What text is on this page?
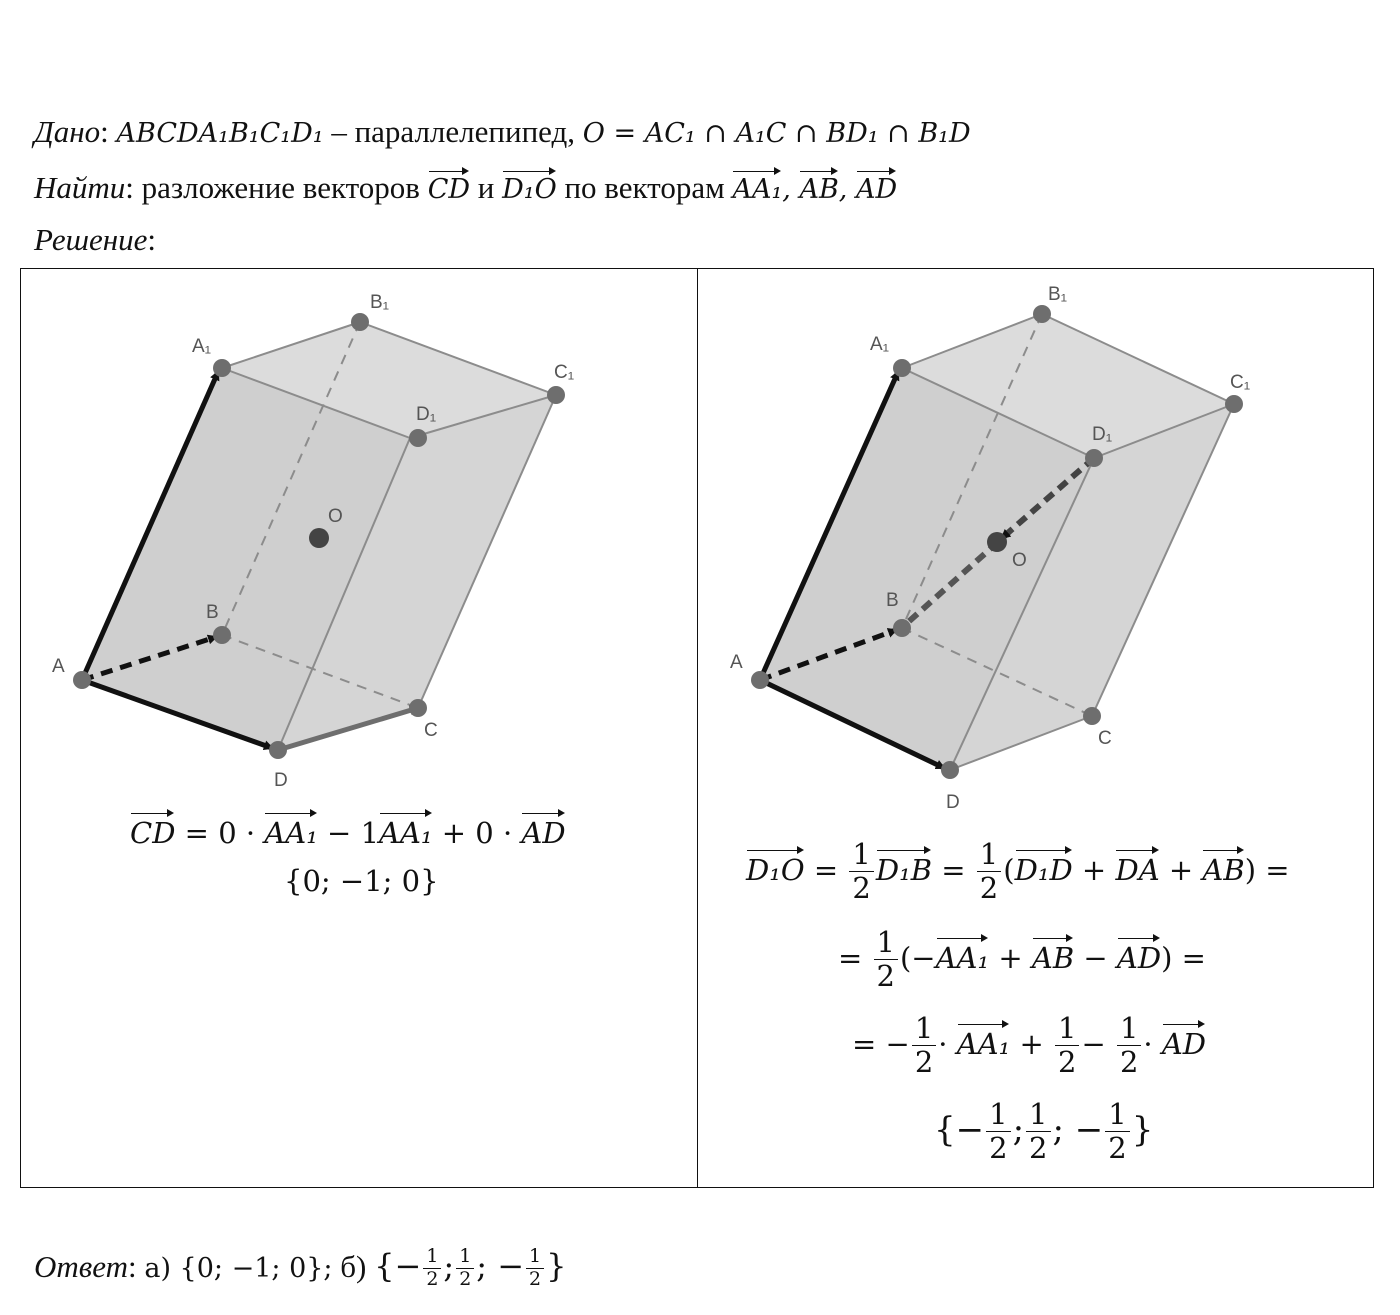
Дано: ABCDA₁B₁C₁D₁ – параллелепипед, O = AC₁ ∩ A₁C ∩ BD₁ ∩ B₁D
Найти: разложение векторов CD и D₁O по векторам AA₁, AB, AD
Решение:
A
B
C
D
A₁
B₁
C₁
D₁
O
A
B
C
D
A₁
B₁
C₁
D₁
O
CD = 0 · AA₁ − 1AA₁ + 0 · AD
{0; −1; 0}	$D_1O = \frac{1}{2} D_1B = \frac{1}{2} (D_1D$ + DA + AB) =
= $\frac{1}{2} (-AA_1$ + AB − AD) =
= − $\frac{1}{2} \cdot AA_1 + \frac{1}{2} - \frac{1}{2}$ · AD
{− $\frac{1}{2}$ ; $\frac{1}{2}$ ; − $\frac{1}{2}$ }
Ответ: а) {0; −1; 0}; б) {− $\frac{1}{2}$ ; $\frac{1}{2}$ ; − $\frac{1}{2}$ }
